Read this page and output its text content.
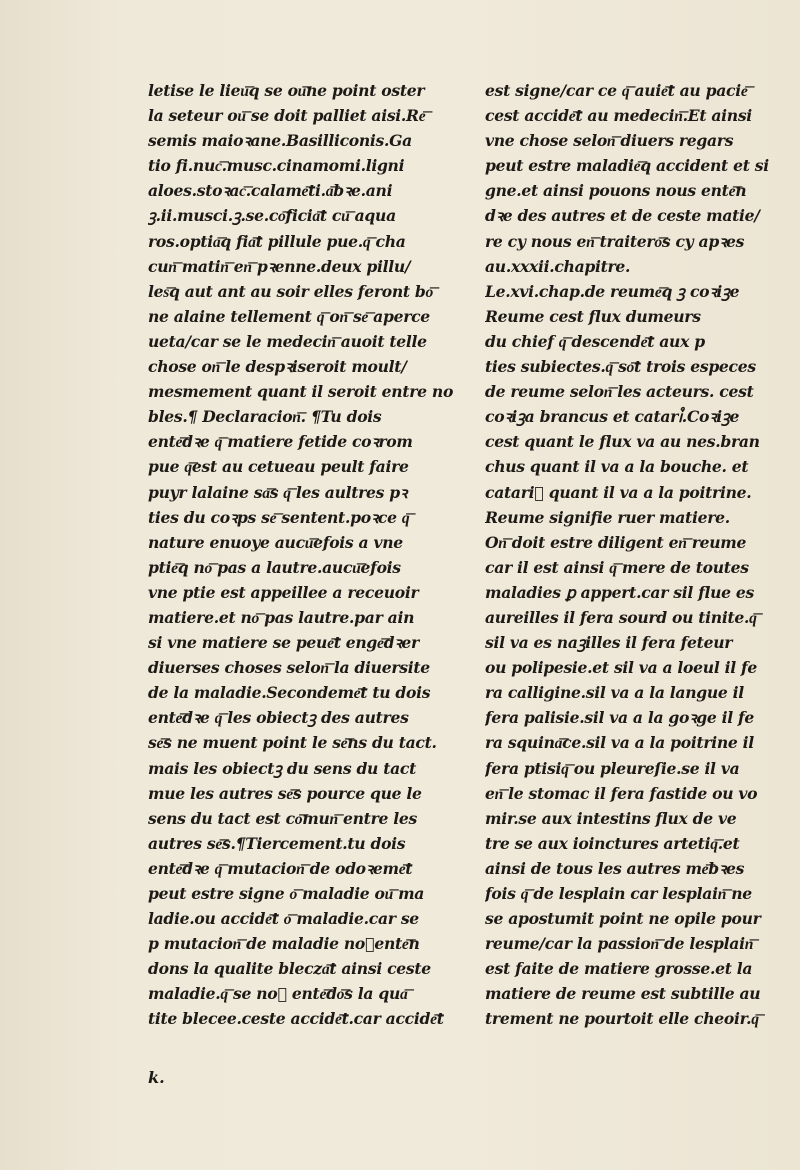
letise le lieu͞q se ou͞ne point oster
la seteur ou͞ se doit palliet aisi.Re͞
semis maioꝛane.Basilliconis.Ga
tio fi.nuc͞.musc.cinamomi.ligni
aloes.stoꝛac͞.calame͞ti.a͞bꝛe.ani
ꝫ.ii.musci.ꝫ.se.co͞ficia͞t cu͞ aqua
ros.optia͞q fia͞t pillule pue.q͞ cha
cun͞ matin͞ en͞ pꝛenne.deux pillu/
les͞q aut ant au soir elles feront bo͞
ne alaine tellement q͞ on͞ se͞ aperce
ueta/car se le medecin͞ auoit telle
chose on͞ le despꝛiseroit moult/
mesmement quant il seroit entre no
bles.¶ Declaracion͞. ¶Tu dois
ente͞dꝛe q͞ matiere fetide coꝛrom
pue q͞est au cetueau peult faire
puyr lalaine sa͞s q͞ les aultres pꝛ
ties du coꝛps se͞ sentent.poꝛce q͞
nature enuoye aucu͞efois a vne
ptie͞q no͞ pas a lautre.aucu͞efois
vne ptie est appeillee a receuoir
matiere.et no͞ pas lautre.par ain
si vne matiere se peue͞t enge͞dꝛer
diuerses choses selon͞ la diuersite
de la maladie.Secondeme͞t tu dois
ente͞dꝛe q͞ les obiectꝫ des autres
se͞s ne muent point le se͞ns du tact.
mais les obiectꝫ du sens du tact
mue les autres se͞s pource que le
sens du tact est co͞mun͞ entre les
autres se͞s.¶Tiercement.tu dois
ente͞dꝛe q͞ mutacion͞ de odoꝛeme͞t
peut estre signe o͞ maladie ou͞ ma
ladie.ou accide͞t o͞ maladie.car se
p mutacion͞ de maladie no᷒ente͞n
dons la qualite blecza͞t ainsi ceste
maladie.q͞ se no᷒ ente͞do͞s la qua͞
tite blecee.ceste accide͞t.car accide͞t
est signe/car ce q͞ auie͞t au pacie͞
cest accide͞t au medecin͞.Et ainsi
vne chose selon͞ diuers regars
peut estre maladie͞q accident et si
gne.et ainsi pouons nous ente͞n
dꝛe des autres et de ceste matie/
re cy nous en͞ traitero͞s cy apꝛes
au.xxxii.chapitre.
Le.xvi.chap.de reume͞q ꝫ coꝛiꝫe
Reume cest flux dumeurs
du chief q͞ descende͞t aux p
ties subiectes.q͞ so͞t trois especes
de reume selon͞ les acteurs. cest
coꝛiꝫa brancus et catari᷒.Coꝛiꝫe
cest quant le flux va au nes.bran
chus quant il va a la bouche. et
catari᷒ quant il va a la poitrine.
Reume signifie ruer matiere.
On͞ doit estre diligent en͞ reume
car il est ainsi q͞ mere de toutes
maladies ꝑ appert.car sil flue es
aureilles il fera sourd ou tinite.q͞
sil va es naꝫilles il fera feteur
ou polipesie.et sil va a loeul il fe
ra calligine.sil va a la langue il
fera palisie.sil va a la goꝛge il fe
ra squina͞ce.sil va a la poitrine il
fera ptisiq͞ ou pleureſie.se il va
en͞ le stomac il fera fastide ou vo
mir.se aux intestins flux de ve
tre se aux ioinctures artetiq͞.et
ainsi de tous les autres me͞bꝛes
fois q͞ de lesplain car lesplain͞ ne
se apostumit point ne opile pour
reume/car la passion͞ de lesplain͞
est faite de matiere grosse.et la
matiere de reume est subtille au
trement ne pourtoit elle cheoir.q͞
k.
